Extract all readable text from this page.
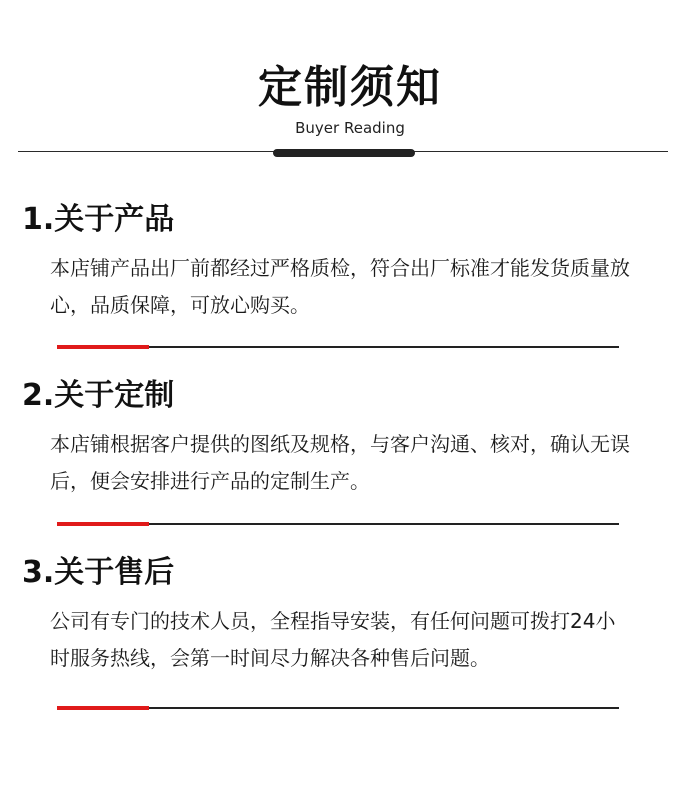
定制须知
Buyer Reading
1.关于产品
本店铺产品出厂前都经过严格质检，符合出厂标准才能发货质量放心，品质保障，可放心购买。
2.关于定制
本店铺根据客户提供的图纸及规格，与客户沟通、核对，确认无误后，便会安排进行产品的定制生产。
3.关于售后
公司有专门的技术人员，全程指导安装，有任何问题可拨打24小时服务热线，会第一时间尽力解决各种售后问题。
